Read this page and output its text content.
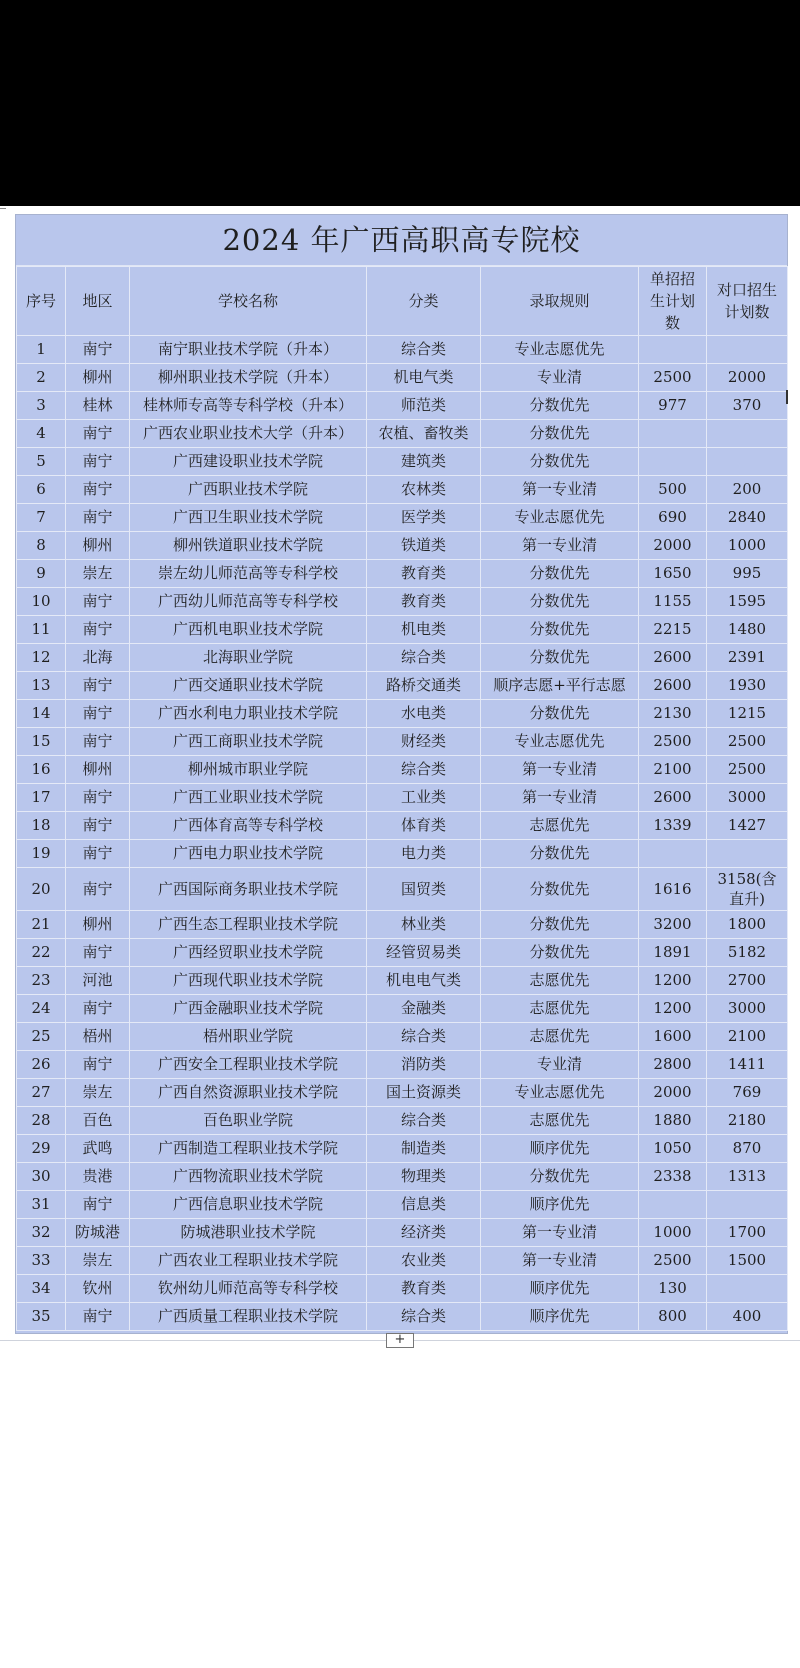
2024 年广西高职高专院校
序号	地区	学校名称	分类	录取规则	单招招生计划数	对口招生计划数
1	南宁	南宁职业技术学院（升本）	综合类	专业志愿优先		
2	柳州	柳州职业技术学院（升本）	机电气类	专业清	2500	2000
3	桂林	桂林师专高等专科学校（升本）	师范类	分数优先	977	370
4	南宁	广西农业职业技术大学（升本）	农植、畜牧类	分数优先		
5	南宁	广西建设职业技术学院	建筑类	分数优先		
6	南宁	广西职业技术学院	农林类	第一专业清	500	200
7	南宁	广西卫生职业技术学院	医学类	专业志愿优先	690	2840
8	柳州	柳州铁道职业技术学院	铁道类	第一专业清	2000	1000
9	崇左	崇左幼儿师范高等专科学校	教育类	分数优先	1650	995
10	南宁	广西幼儿师范高等专科学校	教育类	分数优先	1155	1595
11	南宁	广西机电职业技术学院	机电类	分数优先	2215	1480
12	北海	北海职业学院	综合类	分数优先	2600	2391
13	南宁	广西交通职业技术学院	路桥交通类	顺序志愿+平行志愿	2600	1930
14	南宁	广西水利电力职业技术学院	水电类	分数优先	2130	1215
15	南宁	广西工商职业技术学院	财经类	专业志愿优先	2500	2500
16	柳州	柳州城市职业学院	综合类	第一专业清	2100	2500
17	南宁	广西工业职业技术学院	工业类	第一专业清	2600	3000
18	南宁	广西体育高等专科学校	体育类	志愿优先	1339	1427
19	南宁	广西电力职业技术学院	电力类	分数优先		
20	南宁	广西国际商务职业技术学院	国贸类	分数优先	1616	3158(含直升)
21	柳州	广西生态工程职业技术学院	林业类	分数优先	3200	1800
22	南宁	广西经贸职业技术学院	经管贸易类	分数优先	1891	5182
23	河池	广西现代职业技术学院	机电电气类	志愿优先	1200	2700
24	南宁	广西金融职业技术学院	金融类	志愿优先	1200	3000
25	梧州	梧州职业学院	综合类	志愿优先	1600	2100
26	南宁	广西安全工程职业技术学院	消防类	专业清	2800	1411
27	崇左	广西自然资源职业技术学院	国土资源类	专业志愿优先	2000	769
28	百色	百色职业学院	综合类	志愿优先	1880	2180
29	武鸣	广西制造工程职业技术学院	制造类	顺序优先	1050	870
30	贵港	广西物流职业技术学院	物理类	分数优先	2338	1313
31	南宁	广西信息职业技术学院	信息类	顺序优先		
32	防城港	防城港职业技术学院	经济类	第一专业清	1000	1700
33	崇左	广西农业工程职业技术学院	农业类	第一专业清	2500	1500
34	钦州	钦州幼儿师范高等专科学校	教育类	顺序优先	130	
35	南宁	广西质量工程职业技术学院	综合类	顺序优先	800	400
+
